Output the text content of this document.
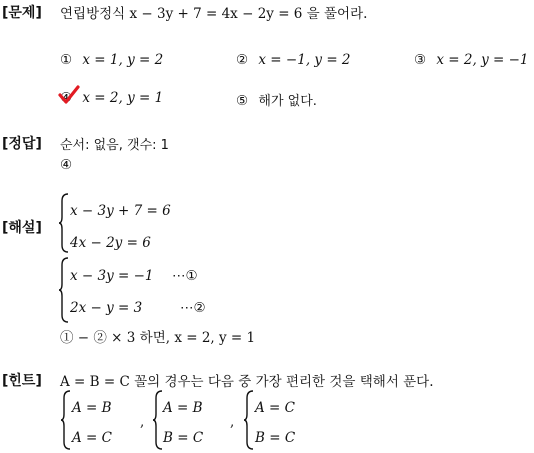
[문제] 연립방정식 x − 3y + 7 = 4x − 2y = 6 을 풀어라.
① x = 1, y = 2	② x = −1, y = 2	③ x = 2, y = −1
④ x = 2, y = 1	⑤ 해가 없다.
[정답] 순서: 없음, 갯수: 1
④
[해설]
x − 3y + 7 = 6
4x − 2y = 6
x − 3y = −1 ⋯①
2x − y = 3	⋯②
① − ② × 3 하면, x = 2, y = 1
[힌트] A = B = C 꼴의 경우는 다음 중 가장 편리한 것을 택해서 푼다.
A = B
A = C
,
A = B
B = C
,
A = C
B = C
